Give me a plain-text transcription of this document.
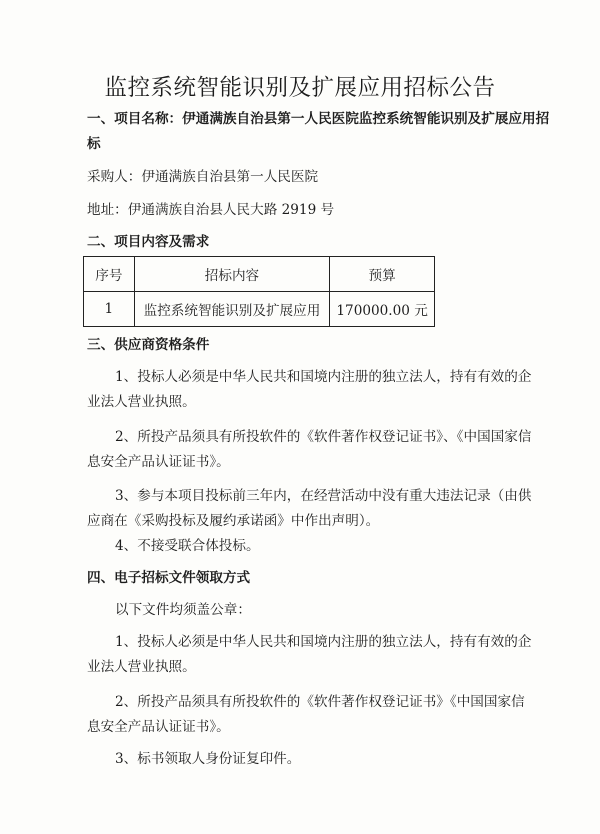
监控系统智能识别及扩展应用招标公告

一、项目名称：伊通满族自治县第一人民医院监控系统智能识别及扩展应用招

标

采购人：伊通满族自治县第一人民医院

地址：伊通满族自治县人民大路 2919 号

二、项目内容及需求

序号	招标内容	预算
1	监控系统智能识别及扩展应用	170000.00 元

三、供应商资格条件

1、投标人必须是中华人民共和国境内注册的独立法人，持有有效的企业法人营业执照。

2、所投产品须具有所投软件的《软件著作权登记证书》、《中国国家信息安全产品认证证书》。

3、参与本项目投标前三年内，在经营活动中没有重大违法记录（由供应商在《采购投标及履约承诺函》中作出声明）。

4、不接受联合体投标。

四、电子招标文件领取方式

以下文件均须盖公章：

1、投标人必须是中华人民共和国境内注册的独立法人，持有有效的企业法人营业执照。

2、所投产品须具有所投软件的《软件著作权登记证书》《中国国家信息安全产品认证证书》。

3、标书领取人身份证复印件。
